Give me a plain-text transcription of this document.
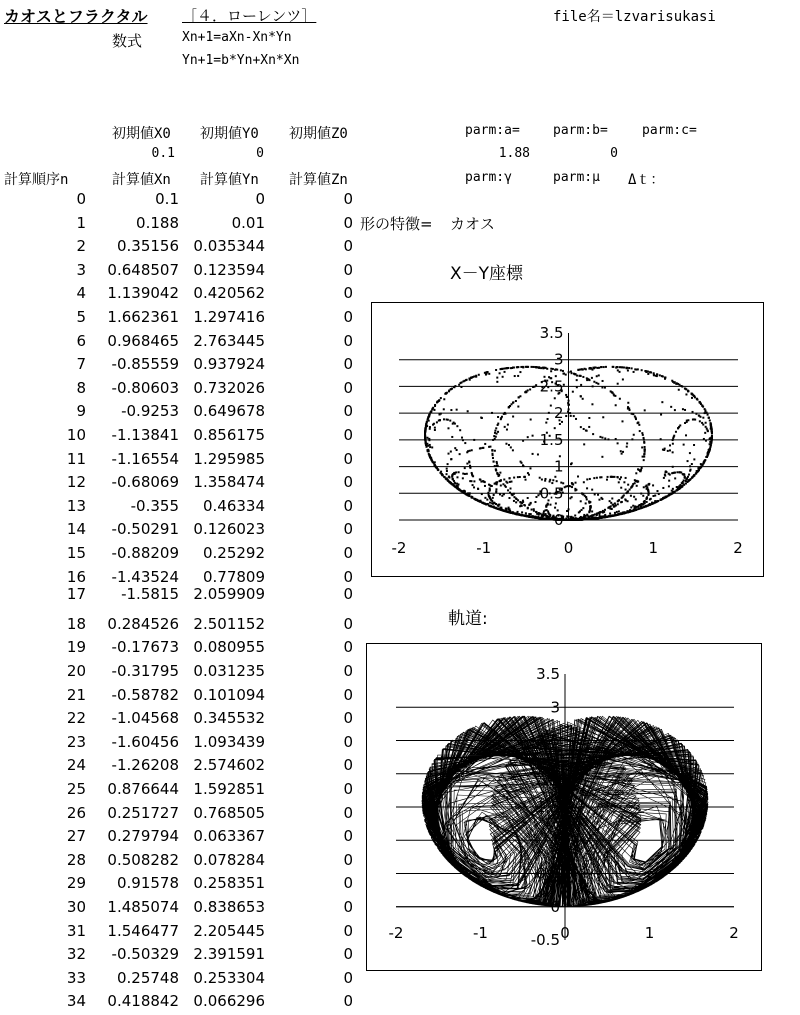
カオスとフラクタル ［４．ローレンツ］	file名＝lzvarisukasi
数式	Xn+1=aXn-Xn*Yn
Yn+1=b*Yn+Xn*Xn
初期値X0 初期値Y0 初期値Z0
0.1	0
parm:a=	parm:b=	parm:c=
1.88	0
parm:γ	parm:μ Δｔ：
計算順序n	計算値Xn 計算値Yn 計算値Zn
0	0.1	0	0
1	0.188	0.01	0
2	0.35156 0.035344	0
3	0.648507 0.123594	0
4	1.139042 0.420562	0
5	1.662361 1.297416	0
6	0.968465 2.763445	0
7	-0.85559 0.937924	0
8	-0.80603 0.732026	0
9	-0.9253 0.649678	0
10	-1.13841 0.856175	0
11	-1.16554 1.295985	0
12	-0.68069 1.358474	0
13	-0.355	0.46334	0
14	-0.50291 0.126023	0
15	-0.88209	0.25292	0
16	-1.43524	0.77809	0
17	-1.5815 2.059909	0
18	0.284526 2.501152	0
19	-0.17673 0.080955	0
20	-0.31795 0.031235	0
21	-0.58782 0.101094	0
22	-1.04568 0.345532	0
23	-1.60456 1.093439	0
24	-1.26208 2.574602	0
25	0.876644 1.592851	0
26	0.251727 0.768505	0
27	0.279794 0.063367	0
28	0.508282 0.078284	0
29	0.91578 0.258351	0
30	1.485074 0.838653	0
31	1.546477 2.205445	0
32	-0.50329 2.391591	0
33	0.25748 0.253304	0
34	0.418842 0.066296	0
形の特徴= カオス
X－Y座標
0
0.5
1
1.5
2
2.5
3
3.5
-2	-1	0	1	2
軌道:
-0.5
0
0.5
1
1.5
2
2.5
3
3.5
-2	-1	0	1	2
